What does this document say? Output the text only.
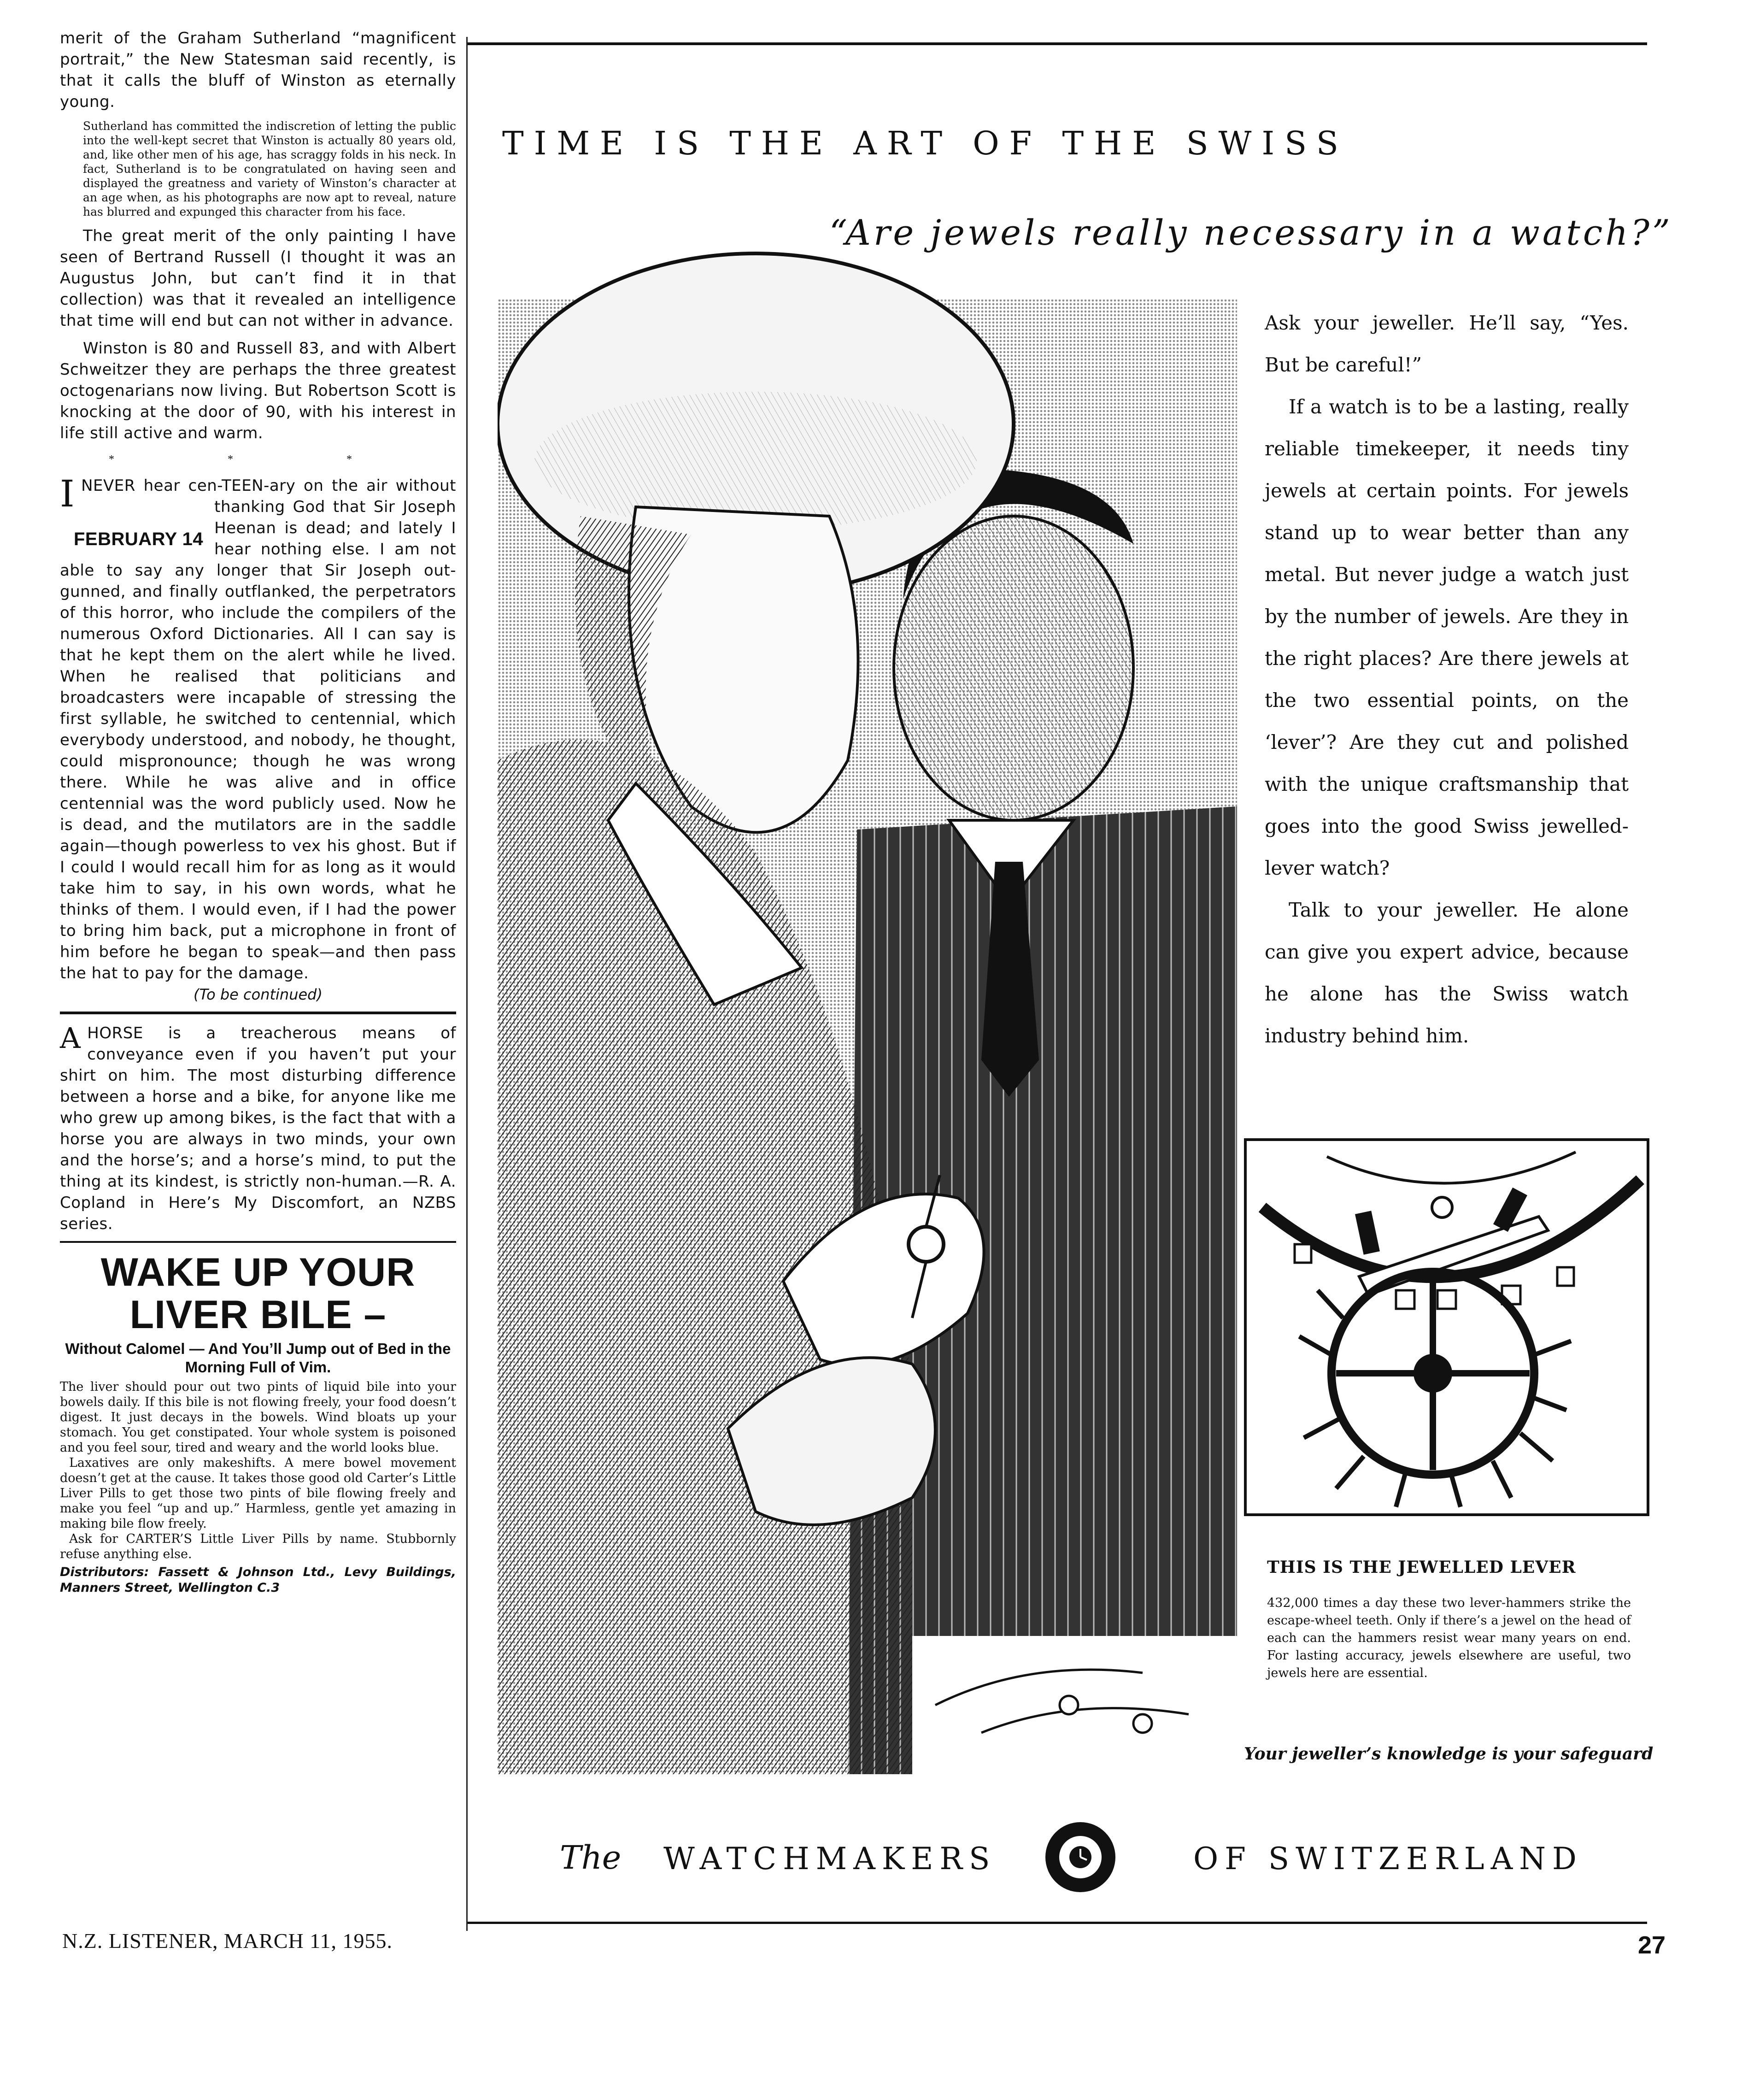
merit of the Graham Sutherland “magnificent portrait,” the New Statesman said recently, is that it calls the bluff of Winston as eternally young.

Sutherland has committed the indiscretion of letting the public into the well-kept secret that Winston is actually 80 years old, and, like other men of his age, has scraggy folds in his neck. In fact, Sutherland is to be congratulated on having seen and displayed the greatness and variety of Winston’s character at an age when, as his photographs are now apt to reveal, nature has blurred and expunged this character from his face.

The great merit of the only painting I have seen of Bertrand Russell (I thought it was an Augustus John, but can’t find it in that collection) was that it revealed an intelligence that time will end but can not wither in advance.

Winston is 80 and Russell 83, and with Albert Schweitzer they are perhaps the three greatest octogenarians now living. But Robertson Scott is knocking at the door of 90, with his interest in life still active and warm.

* * *

I
FEBRUARY 14
NEVER hear cen-TEEN-ary on the air without thanking God that Sir Joseph Heenan is dead; and lately I hear nothing else. I am not able to say any longer that Sir Joseph out-gunned, and finally outflanked, the perpetrators of this horror, who include the compilers of the numerous Oxford Dictionaries. All I can say is that he kept them on the alert while he lived. When he realised that politicians and broadcasters were incapable of stressing the first syllable, he switched to centennial, which everybody understood, and nobody, he thought, could mispronounce; though he was wrong there. While he was alive and in office centennial was the word publicly used. Now he is dead, and the mutilators are in the saddle again—though powerless to vex his ghost. But if I could I would recall him for as long as it would take him to say, in his own words, what he thinks of them. I would even, if I had the power to bring him back, put a microphone in front of him before he began to speak—and then pass the hat to pay for the damage.

(To be continued)

A HORSE is a treacherous means of conveyance even if you haven’t put your shirt on him. The most disturbing difference between a horse and a bike, for anyone like me who grew up among bikes, is the fact that with a horse you are always in two minds, your own and the horse’s; and a horse’s mind, to put the thing at its kindest, is strictly non-human.—R. A. Copland in Here’s My Discomfort, an NZBS series.

WAKE UP YOUR

LIVER BILE –

Without Calomel — And You’ll Jump out of Bed in the Morning Full of Vim.

The liver should pour out two pints of liquid bile into your bowels daily. If this bile is not flowing freely, your food doesn’t digest. It just decays in the bowels. Wind bloats up your stomach. You get constipated. Your whole system is poisoned and you feel sour, tired and weary and the world looks blue.

Laxatives are only makeshifts. A mere bowel movement doesn’t get at the cause. It takes those good old Carter’s Little Liver Pills to get those two pints of bile flowing freely and make you feel “up and up.” Harmless, gentle yet amazing in making bile flow freely.

Ask for CARTER’S Little Liver Pills by name. Stubbornly refuse anything else.

Distributors: Fassett & Johnson Ltd., Levy Buildings, Manners Street, Wellington C.3

N.Z. LISTENER, MARCH 11, 1955.	27
TIME IS THE ART OF THE SWISS
“Are jewels really necessary in a watch?”

Ask your jeweller. He’ll say, “Yes. But be careful!”

If a watch is to be a lasting, really reliable timekeeper, it needs tiny jewels at certain points. For jewels stand up to wear better than any metal. But never judge a watch just by the number of jewels. Are they in the right places? Are there jewels at the two essential points, on the ‘lever’? Are they cut and polished with the unique craftsmanship that goes into the good Swiss jewelled-lever watch?

Talk to your jeweller. He alone can give you expert advice, because he alone has the Swiss watch industry behind him.

THIS IS THE JEWELLED LEVER

432,000 times a day these two lever-hammers strike the escape-wheel teeth. Only if there’s a jewel on the head of each can the hammers resist wear many years on end. For lasting accuracy, jewels elsewhere are useful, two jewels here are essential.

Your jeweller’s knowledge is your safeguard
The WATCHMAKERS	OF SWITZERLAND
